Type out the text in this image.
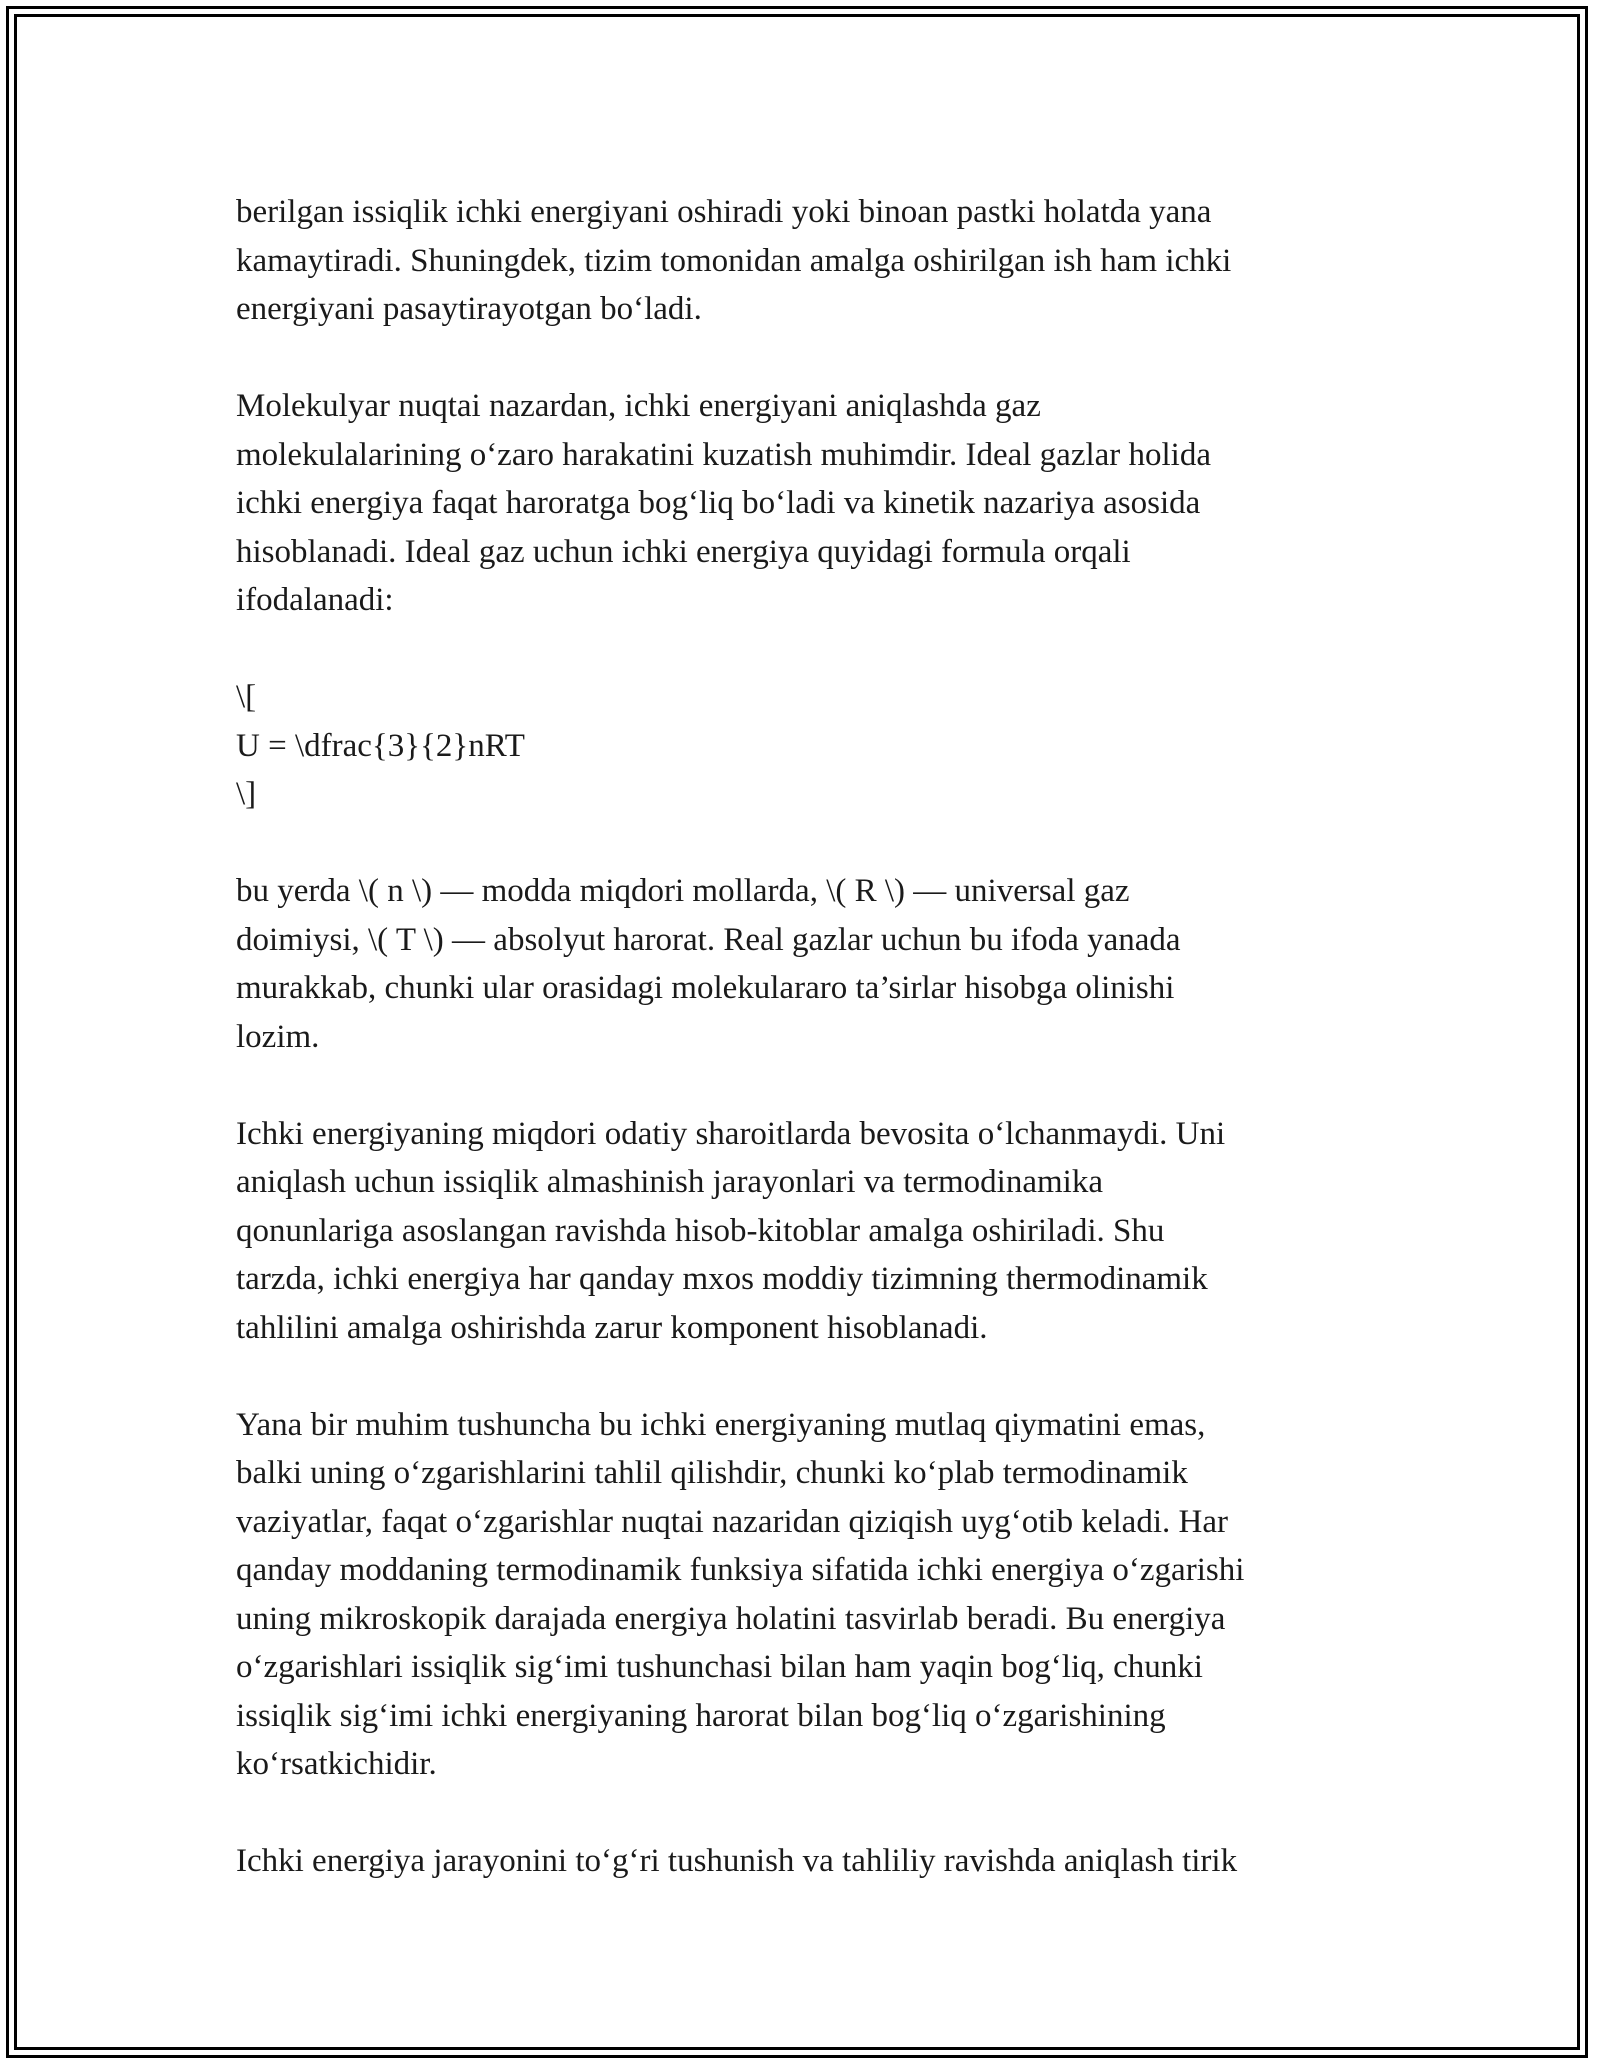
berilgan issiqlik ichki energiyani oshiradi yoki binoan pastki holatda yana
kamaytiradi. Shuningdek, tizim tomonidan amalga oshirilgan ish ham ichki
energiyani pasaytirayotgan bo‘ladi.

Molekulyar nuqtai nazardan, ichki energiyani aniqlashda gaz
molekulalarining o‘zaro harakatini kuzatish muhimdir. Ideal gazlar holida
ichki energiya faqat haroratga bog‘liq bo‘ladi va kinetik nazariya asosida
hisoblanadi. Ideal gaz uchun ichki energiya quyidagi formula orqali
ifodalanadi:

\[
U = \dfrac{3}{2}nRT
\]

bu yerda \( n \) — modda miqdori mollarda, \( R \) — universal gaz
doimiysi, \( T \) — absolyut harorat. Real gazlar uchun bu ifoda yanada
murakkab, chunki ular orasidagi molekulararo ta’sirlar hisobga olinishi
lozim.

Ichki energiyaning miqdori odatiy sharoitlarda bevosita o‘lchanmaydi. Uni
aniqlash uchun issiqlik almashinish jarayonlari va termodinamika
qonunlariga asoslangan ravishda hisob-kitoblar amalga oshiriladi. Shu
tarzda, ichki energiya har qanday mxos moddiy tizimning thermodinamik
tahlilini amalga oshirishda zarur komponent hisoblanadi.

Yana bir muhim tushuncha bu ichki energiyaning mutlaq qiymatini emas,
balki uning o‘zgarishlarini tahlil qilishdir, chunki ko‘plab termodinamik
vaziyatlar, faqat o‘zgarishlar nuqtai nazaridan qiziqish uyg‘otib keladi. Har
qanday moddaning termodinamik funksiya sifatida ichki energiya o‘zgarishi
uning mikroskopik darajada energiya holatini tasvirlab beradi. Bu energiya
o‘zgarishlari issiqlik sig‘imi tushunchasi bilan ham yaqin bog‘liq, chunki
issiqlik sig‘imi ichki energiyaning harorat bilan bog‘liq o‘zgarishining
ko‘rsatkichidir.

Ichki energiya jarayonini to‘g‘ri tushunish va tahliliy ravishda aniqlash tirik
